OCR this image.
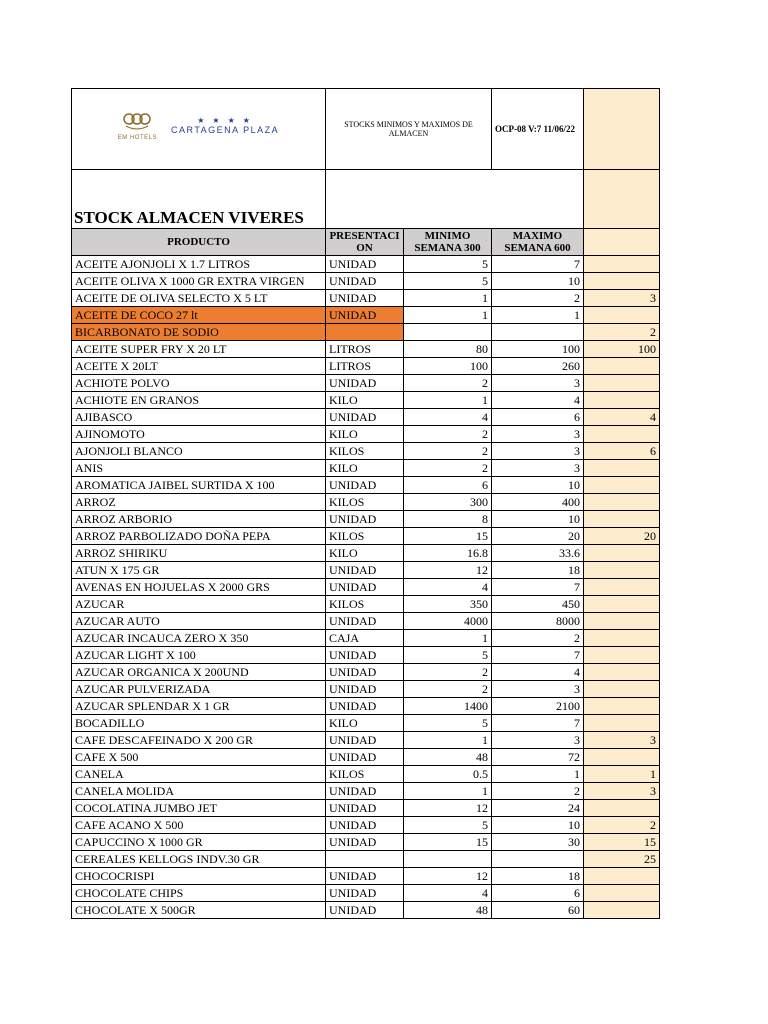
EM HOTELS
★ ★ ★ ★
CARTAGENA PLAZA	STOCKS MINIMOS Y MAXIMOS DE ALMACEN		OCP-08 V:7 11/06/22	
STOCK ALMACEN VIVERES				
PRODUCTO	PRESENTACI ON	MINIMO SEMANA 300	MAXIMO SEMANA 600	
ACEITE AJONJOLI X 1.7 LITROS	UNIDAD	5	7	
ACEITE OLIVA X 1000 GR EXTRA VIRGEN	UNIDAD	5	10	
ACEITE DE OLIVA SELECTO X 5 LT	UNIDAD	1	2	3
ACEITE DE COCO 27 lt	UNIDAD	1	1	
BICARBONATO DE SODIO				2
ACEITE SUPER FRY X 20 LT	LITROS	80	100	100
ACEITE X 20LT	LITROS	100	260	
ACHIOTE POLVO	UNIDAD	2	3	
ACHIOTE EN GRANOS	KILO	1	4	
AJIBASCO	UNIDAD	4	6	4
AJINOMOTO	KILO	2	3	
AJONJOLI BLANCO	KILOS	2	3	6
ANIS	KILO	2	3	
AROMATICA JAIBEL SURTIDA X 100	UNIDAD	6	10	
ARROZ	KILOS	300	400	
ARROZ ARBORIO	UNIDAD	8	10	
ARROZ PARBOLIZADO DOÑA PEPA	KILOS	15	20	20
ARROZ SHIRIKU	KILO	16.8	33.6	
ATUN X 175 GR	UNIDAD	12	18	
AVENAS EN HOJUELAS X 2000 GRS	UNIDAD	4	7	
AZUCAR	KILOS	350	450	
AZUCAR AUTO	UNIDAD	4000	8000	
AZUCAR INCAUCA ZERO X 350	CAJA	1	2	
AZUCAR LIGHT X 100	UNIDAD	5	7	
AZUCAR ORGANICA X 200UND	UNIDAD	2	4	
AZUCAR PULVERIZADA	UNIDAD	2	3	
AZUCAR SPLENDAR X 1 GR	UNIDAD	1400	2100	
BOCADILLO	KILO	5	7	
CAFE DESCAFEINADO X 200 GR	UNIDAD	1	3	3
CAFE X 500	UNIDAD	48	72	
CANELA	KILOS	0.5	1	1
CANELA MOLIDA	UNIDAD	1	2	3
COCOLATINA JUMBO JET	UNIDAD	12	24	
CAFE ACANO X 500	UNIDAD	5	10	2
CAPUCCINO X 1000 GR	UNIDAD	15	30	15
CEREALES KELLOGS INDV.30 GR				25
CHOCOCRISPI	UNIDAD	12	18	
CHOCOLATE CHIPS	UNIDAD	4	6	
CHOCOLATE X 500GR	UNIDAD	48	60	
